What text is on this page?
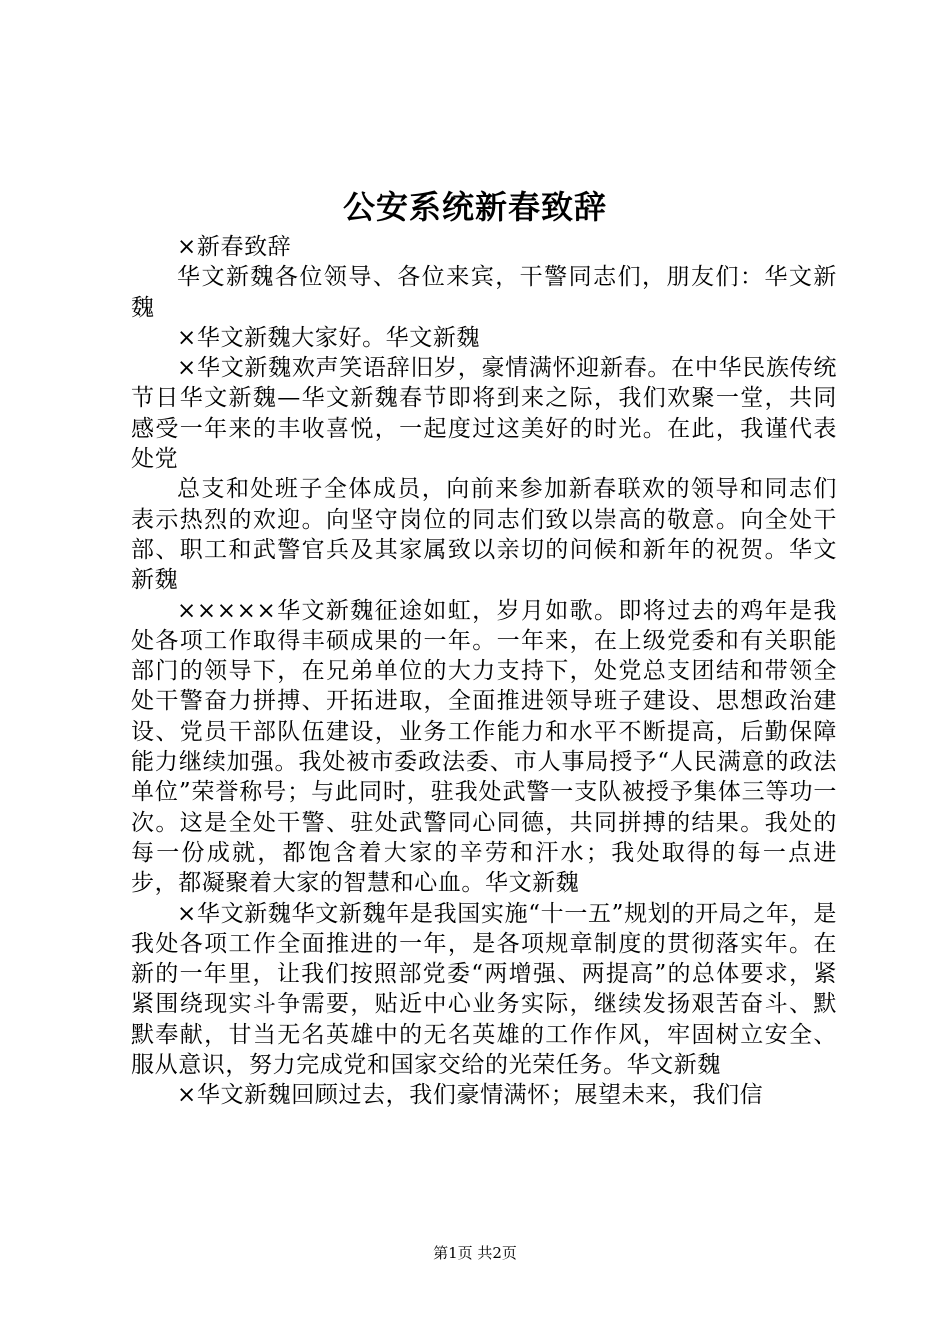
公安系统新春致辞

×新春致辞

华文新魏各位领导、各位来宾，干警同志们，朋友们：华文新魏

×华文新魏大家好。华文新魏

×华文新魏欢声笑语辞旧岁，豪情满怀迎新春。在中华民族传统节日华文新魏—华文新魏春节即将到来之际，我们欢聚一堂，共同感受一年来的丰收喜悦，一起度过这美好的时光。在此，我谨代表处党

总支和处班子全体成员，向前来参加新春联欢的领导和同志们表示热烈的欢迎。向坚守岗位的同志们致以崇高的敬意。向全处干部、职工和武警官兵及其家属致以亲切的问候和新年的祝贺。华文新魏

×××××华文新魏征途如虹，岁月如歌。即将过去的鸡年是我处各项工作取得丰硕成果的一年。一年来，在上级党委和有关职能部门的领导下，在兄弟单位的大力支持下，处党总支团结和带领全处干警奋力拼搏、开拓进取，全面推进领导班子建设、思想政治建设、党员干部队伍建设，业务工作能力和水平不断提高，后勤保障能力继续加强。我处被市委政法委、市人事局授予“人民满意的政法单位”荣誉称号；与此同时，驻我处武警一支队被授予集体三等功一次。这是全处干警、驻处武警同心同德，共同拼搏的结果。我处的每一份成就，都饱含着大家的辛劳和汗水；我处取得的每一点进步，都凝聚着大家的智慧和心血。华文新魏

×华文新魏华文新魏年是我国实施“十一五”规划的开局之年，是我处各项工作全面推进的一年，是各项规章制度的贯彻落实年。在新的一年里，让我们按照部党委“两增强、两提高”的总体要求，紧紧围绕现实斗争需要，贴近中心业务实际，继续发扬艰苦奋斗、默默奉献，甘当无名英雄中的无名英雄的工作作风，牢固树立安全、服从意识，努力完成党和国家交给的光荣任务。华文新魏

×华文新魏回顾过去，我们豪情满怀；展望未来，我们信

第1页 共2页
